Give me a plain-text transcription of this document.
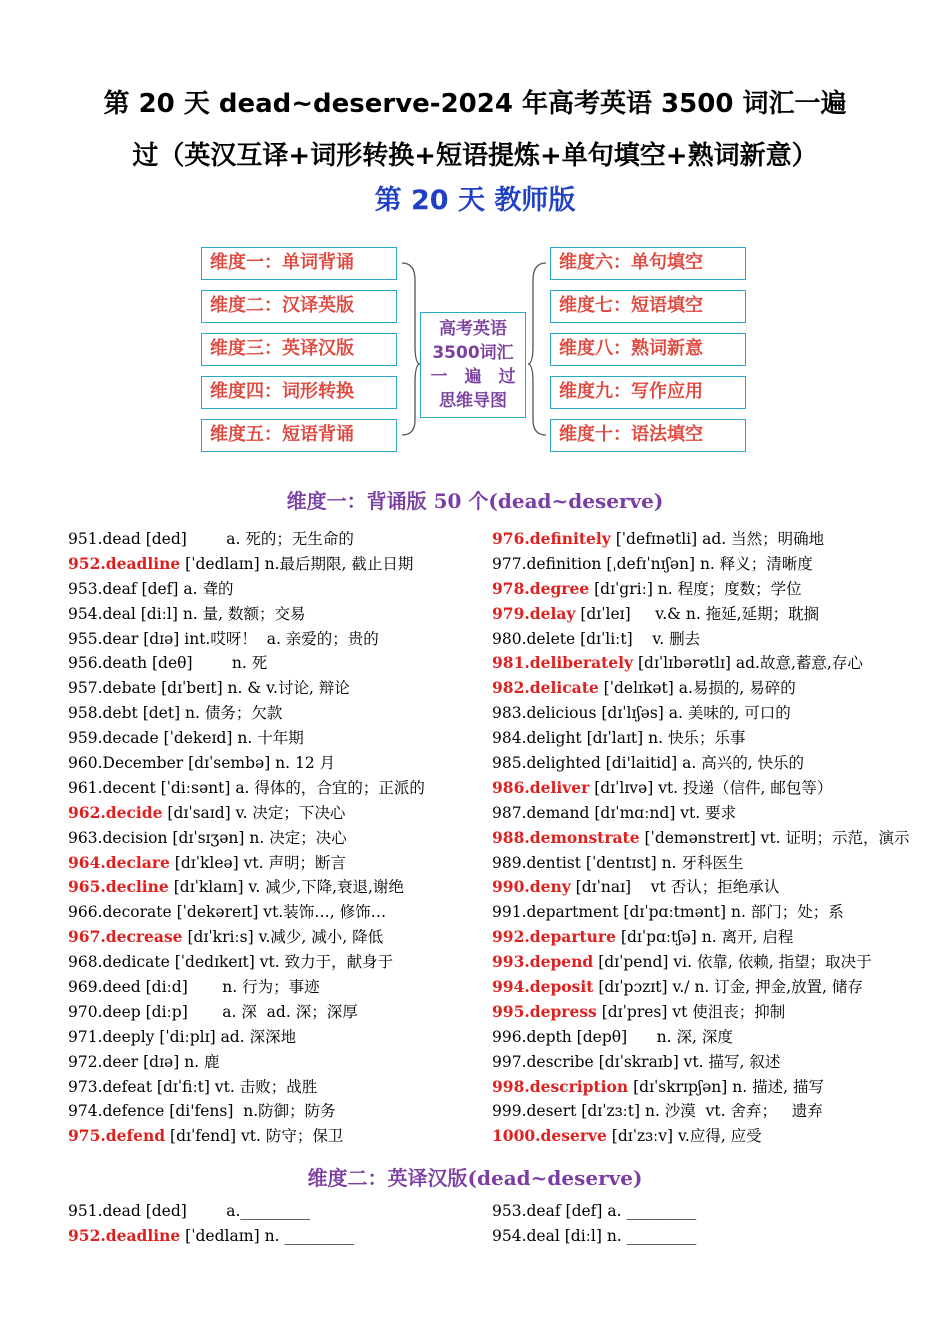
第 20 天 dead~deserve-2024 年高考英语 3500 词汇一遍
过（英汉互译+词形转换+短语提炼+单句填空+熟词新意）
第 20 天 教师版
维度一：单词背诵
维度二：汉译英版
维度三：英译汉版
维度四：词形转换
维度五：短语背诵
维度六：单句填空
维度七：短语填空
维度八：熟词新意
维度九：写作应用
维度十：语法填空
高考英语
3500词汇
一　遍　过
思维导图
维度一：背诵版 50 个(dead~deserve)
951.dead [ded]        a. 死的；无生命的
952.deadline [ˈdedlaɪn] n.最后期限, 截止日期
953.deaf [def] a. 聋的
954.deal [diːl] n. 量, 数额；交易
955.dear [dɪə] int.哎呀！  a. 亲爱的；贵的
956.death [deθ]        n. 死
957.debate [dɪˈbeɪt] n. & v.讨论, 辩论
958.debt [det] n. 债务；欠款
959.decade [ˈdekeɪd] n. 十年期
960.December [dɪˈsembə] n. 12 月
961.decent [ˈdiːsənt] a. 得体的，合宜的；正派的
962.decide [dɪˈsaɪd] v. 决定；下决心
963.decision [dɪˈsɪʒən] n. 决定；决心
964.declare [dɪˈkleə] vt. 声明；断言
965.decline [dɪˈklaɪn] v. 减少,下降,衰退,谢绝
966.decorate [ˈdekəreɪt] vt.装饰…, 修饰…
967.decrease [dɪˈkriːs] v.减少, 减小, 降低
968.dedicate [ˈdedɪkeɪt] vt. 致力于，献身于
969.deed [diːd]       n. 行为；事迹
970.deep [diːp]       a. 深  ad. 深；深厚
971.deeply [ˈdiːplɪ] ad. 深深地
972.deer [dɪə] n. 鹿
973.defeat [dɪˈfiːt] vt. 击败；战胜
974.defence [di'fens]  n.防御；防务
975.defend [dɪˈfend] vt. 防守；保卫
976.definitely [ˈdefɪnətli] ad. 当然；明确地
977.definition [ˌdefɪˈnɪʃən] n. 释义；清晰度
978.degree [dɪˈgriː] n. 程度；度数；学位
979.delay [dɪˈleɪ]     v.& n. 拖延,延期；耽搁
980.delete [dɪˈliːt]    v. 删去
981.deliberately [dɪˈlɪbərətlɪ] ad.故意,蓄意,存心
982.delicate [ˈdelɪkət] a.易损的, 易碎的
983.delicious [dɪˈlɪʃəs] a. 美味的, 可口的
984.delight [dɪˈlaɪt] n. 快乐；乐事
985.delighted [di'laitid] a. 高兴的, 快乐的
986.deliver [dɪˈlɪvə] vt. 投递（信件, 邮包等）
987.demand [dɪˈmɑːnd] vt. 要求
988.demonstrate [ˈdemənstreɪt] vt. 证明；示范，演示
989.dentist [ˈdentɪst] n. 牙科医生
990.deny [dɪˈnaɪ]    vt 否认；拒绝承认
991.department [dɪˈpɑːtmənt] n. 部门；处；系
992.departure [dɪˈpɑːtʃə] n. 离开, 启程
993.depend [dɪˈpend] vi. 依靠, 依赖, 指望；取决于
994.deposit [dɪˈpɔzɪt] v./ n. 订金, 押金,放置, 储存
995.depress [dɪˈpres] vt 使沮丧；抑制
996.depth [depθ]      n. 深, 深度
997.describe [dɪˈskraɪb] vt. 描写, 叙述
998.description [dɪˈskrɪpʃən] n. 描述, 描写
999.desert [dɪˈzɜːt] n. 沙漠  vt. 舍弃；   遗弃
1000.deserve [dɪˈzɜːv] v.应得, 应受
维度二：英译汉版(dead~deserve)
951.dead [ded]        a._________
952.deadline [ˈdedlaɪn] n. _________
953.deaf [def] a. _________
954.deal [diːl] n. _________
